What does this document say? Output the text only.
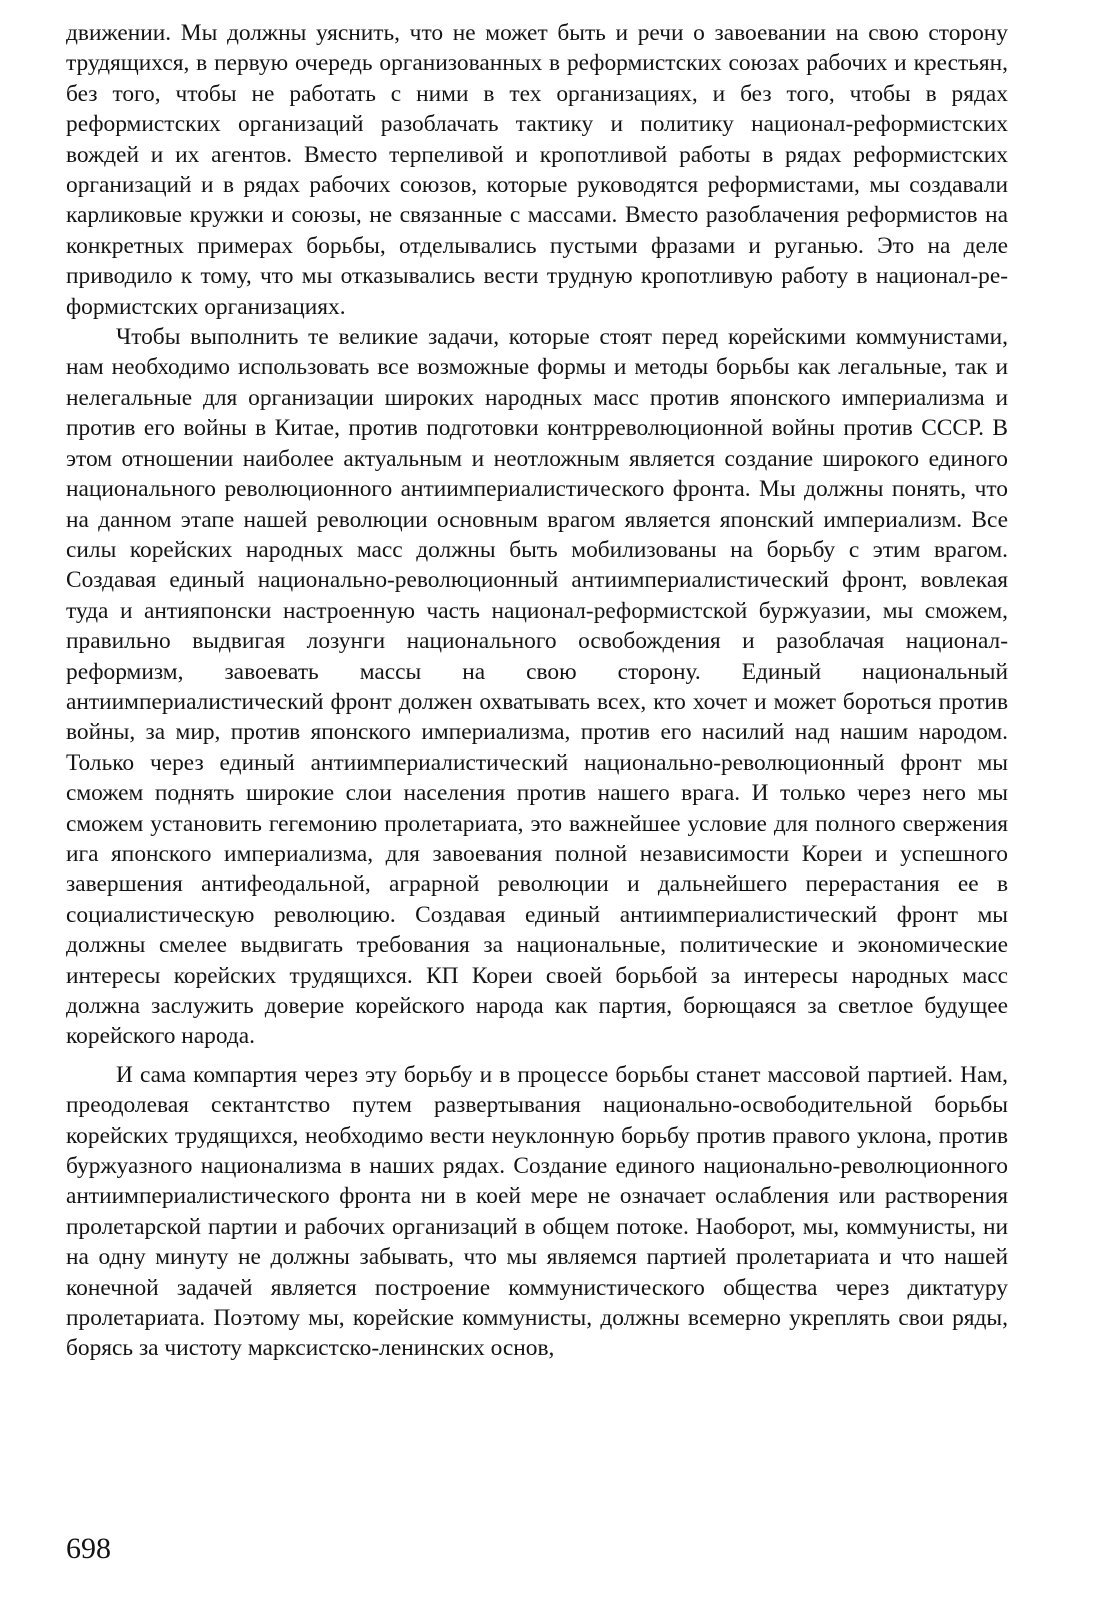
движении. Мы должны уяснить, что не может быть и речи о завоевании на свою сторону трудящихся, в первую очередь организованных в реформистских союзах рабочих и крестьян, без того, чтобы не работать с ними в тех организациях, и без того, чтобы в рядах реформистских организаций разоблачать тактику и политику национал-реформистских вождей и их агентов. Вместо терпеливой и кропотливой работы в рядах реформистских организаций и в рядах рабочих союзов, которые руководятся реформистами, мы создавали карликовые кружки и союзы, не связанные с массами. Вместо разоблачения реформистов на конкретных примерах борьбы, отделывались пустыми фразами и руганью. Это на деле приводило к тому, что мы отказывались вести трудную кропотливую работу в национал-реформистских организациях.

Чтобы выполнить те великие задачи, которые стоят перед корейскими коммунистами, нам необходимо использовать все возможные формы и методы борьбы как легальные, так и нелегальные для организации широких народных масс против японского империализма и против его войны в Китае, против подготовки контрреволюционной войны против СССР. В этом отношении наиболее актуальным и неотложным является создание широкого единого национального революционного антиимпериалистического фронта. Мы должны понять, что на данном этапе нашей революции основным врагом является японский империализм. Все силы корейских народных масс должны быть мобилизованы на борьбу с этим врагом. Создавая единый национально-революционный антиимпериалистический фронт, вовлекая туда и антияпонски настроенную часть национал-реформистской буржуазии, мы сможем, правильно выдвигая лозунги национального освобождения и разоблачая национал-реформизм, завоевать массы на свою сторону. Единый национальный антиимпериалистический фронт должен охватывать всех, кто хочет и может бороться против войны, за мир, против японского империализма, против его насилий над нашим народом. Только через единый антиимпериалистический национально-революционный фронт мы сможем поднять широкие слои населения против нашего врага. И только через него мы сможем установить гегемонию пролетариата, это важнейшее условие для полного свержения ига японского империализма, для завоевания полной независимости Кореи и успешного завершения антифеодальной, аграрной революции и дальнейшего перерастания ее в социалистическую революцию. Создавая единый антиимпериалистический фронт мы должны смелее выдвигать требования за национальные, политические и экономические интересы корейских трудящихся. КП Кореи своей борьбой за интересы народных масс должна заслужить доверие корейского народа как партия, борющаяся за светлое будущее корейского народа.

И сама компартия через эту борьбу и в процессе борьбы станет массовой партией. Нам, преодолевая сектантство путем развертывания национально-освободительной борьбы корейских трудящихся, необходимо вести неуклонную борьбу против правого уклона, против буржуазного национализма в наших рядах. Создание единого национально-революционного антиимпериалистического фронта ни в коей мере не означает ослабления или растворения пролетарской партии и рабочих организаций в общем потоке. Наоборот, мы, коммунисты, ни на одну минуту не должны забывать, что мы являемся партией пролетариата и что нашей конечной задачей является построение коммунистического общества через диктатуру пролетариата. Поэтому мы, корейские коммунисты, должны всемерно укреплять свои ряды, борясь за чистоту марксистско-ленинских основ,

698
